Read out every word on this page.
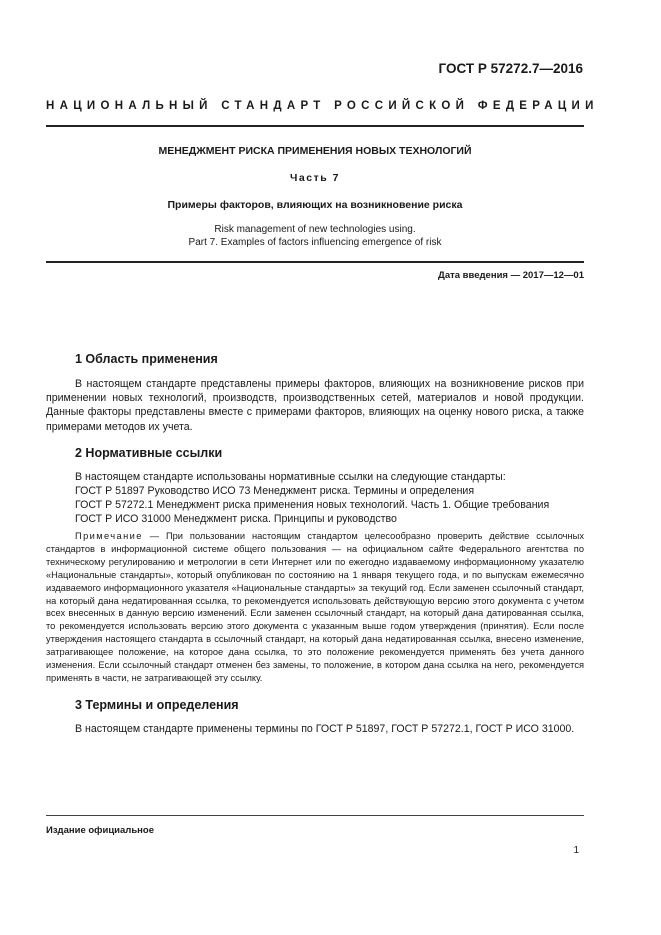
ГОСТ Р 57272.7—2016
НАЦИОНАЛЬНЫЙ СТАНДАРТ РОССИЙСКОЙ ФЕДЕРАЦИИ
МЕНЕДЖМЕНТ РИСКА ПРИМЕНЕНИЯ НОВЫХ ТЕХНОЛОГИЙ
Часть 7
Примеры факторов, влияющих на возникновение риска
Risk management of new technologies using.
Part 7. Examples of factors influencing emergence of risk
Дата введения — 2017—12—01
1 Область применения

В настоящем стандарте представлены примеры факторов, влияющих на возникновение рисков при применении новых технологий, производств, производственных сетей, материалов и новой продукции. Данные факторы представлены вместе с примерами факторов, влияющих на оценку нового риска, а также примерами методов их учета.

2 Нормативные ссылки
В настоящем стандарте использованы нормативные ссылки на следующие стандарты:
ГОСТ Р 51897 Руководство ИСО 73 Менеджмент риска. Термины и определения
ГОСТ Р 57272.1 Менеджмент риска применения новых технологий. Часть 1. Общие требования
ГОСТ Р ИСО 31000 Менеджмент риска. Принципы и руководство
Примечание — При пользовании настоящим стандартом целесообразно проверить действие ссылочных стандартов в информационной системе общего пользования — на официальном сайте Федерального агентства по техническому регулированию и метрологии в сети Интернет или по ежегодно издаваемому информационному указателю «Национальные стандарты», который опубликован по состоянию на 1 января текущего года, и по выпускам ежемесячно издаваемого информационного указателя «Национальные стандарты» за текущий год. Если заменен ссылочный стандарт, на который дана недатированная ссылка, то рекомендуется использовать действующую версию этого документа с учетом всех внесенных в данную версию изменений. Если заменен ссылочный стандарт, на который дана датированная ссылка, то рекомендуется использовать версию этого документа с указанным выше годом утверждения (принятия). Если после утверждения настоящего стандарта в ссылочный стандарт, на который дана недатированная ссылка, внесено изменение, затрагивающее положение, на которое дана ссылка, то это положение рекомендуется применять без учета данного изменения. Если ссылочный стандарт отменен без замены, то положение, в котором дана ссылка на него, рекомендуется применять в части, не затрагивающей эту ссылку.
3 Термины и определения

В настоящем стандарте применены термины по ГОСТ Р 51897, ГОСТ Р 57272.1, ГОСТ Р ИСО 31000.

Издание официальное
1
